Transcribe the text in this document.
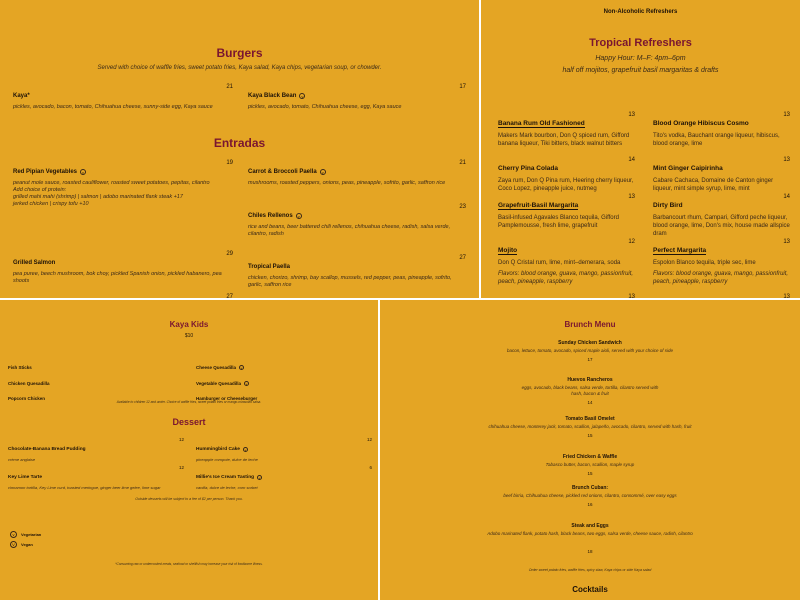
Burgers
Served with choice of waffle fries, sweet potato fries, Kaya salad, Kaya chips, vegetarian soup, or chowder.
Kaya*
21
pickles, avocado, bacon, tomato, Chihuahua cheese, sunny-side egg, Kaya sauce
Kaya Black Bean	v
17
pickles, avocado, tomato, Chihuahua cheese, egg, Kaya sauce
Entradas
Red Pipian Vegetables	v
19
peanut mole sauce, roasted cauliflower, roasted sweet potatoes, pepitas, cilantro
Add choice of protein:
grilled mahi mahi (shrimp) | salmon | adobo marinated flank steak +17
jerked chicken | crispy tofu +10
Carrot & Broccoli Paella	v
21
mushrooms, roasted peppers, onions, peas, pineapple, sofrito, garlic, saffron rice
Chiles Rellenos	v
23
rice and beans, beer battered chili rellenos, chihuahua cheese, radish, salsa verde, cilantro, radish
Grilled Salmon
29
pea puree, beech mushroom, bok choy, pickled Spanish onion, pickled habanero, pea shoots
Tropical Paella
27
chicken, chorizo, shrimp, bay scallop, mussels, red pepper, peas, pineapple, sofrito, garlic, saffron rice
27
Non-Alcoholic Refreshers
Tropical Refreshers
Happy Hour: M–F: 4pm–6pm
half off mojitos, grapefruit basil margaritas & drafts
Banana Rum Old Fashioned
13
Makers Mark bourbon, Don Q spiced rum, Gifford banana liqueur, Tiki bitters, black walnut bitters
Blood Orange Hibiscus Cosmo
13
Tito's vodka, Bauchant orange liqueur, hibiscus, blood orange, lime
Cherry Pina Colada
14
Zaya rum, Don Q Pina rum, Heering cherry liqueur, Coco Lopez, pineapple juice, nutmeg
Mint Ginger Caipirinha
13
Cabare Cachaca, Domaine de Canton ginger liqueur, mint simple syrup, lime, mint
Grapefruit-Basil Margarita
13
Basil-infused Agavales Blanco tequila, Gifford Pamplemousse, fresh lime, grapefruit
Dirty Bird
14
Barbancourt rhum, Campari, Gifford peche liqueur, blood orange, lime, Don's mix, house made allspice dram
Mojito
12
Don Q Cristal rum, lime, mint–demerara, soda
Flavors: blood orange, guava, mango, passionfruit, peach, pineapple, raspberry
Perfect Margarita
13
Espolon Blanco tequila, triple sec, lime
Flavors: blood orange, guava, mango, passionfruit, peach, pineapple, raspberry
13	13
Kaya Kids
$10
Fish Sticks	Cheese Quesadilla	v
Chicken Quesadilla	Vegetable Quesadilla	v
Popcorn Chicken	Hamburger or Cheeseburger
Available to children 12 and under. Choice of waffle fries, sweet potato fries or mango-mirasolito salsa.
Dessert
Chocolate-Banana Bread Pudding
12
crème anglaise
Hummingbird Cake	v
12
pineapple compote, dulce de leche
Key Lime Tarte
12
cinnamon tortilla, Key Lime curd, toasted meringue, ginger beer lime gelee, lime sugar
Millie's Ice Cream Tasting	v
6
vanilla, dulce de leche, corn sorbet
Outside desserts will be subject to a fee of $2 per person. Thank you.
v	Vegetarian
V	Vegan
*Consuming raw or undercooked meats, seafood or shellfish may increase your risk of foodborne illness.
Brunch Menu
Sunday Chicken Sandwich
bacon, lettuce, tomato, avocado, spiced maple aioli, served with your choice of side
17
Huevos Rancheros
eggs, avocado, black beans, salsa verde, tortilla, cilantro served with hash, bacon & fruit
14
Tomato Basil Omelet
chihuahua cheese, monterey jack, tomato, scallion, jalapeño, avocado, cilantro, served with hash, fruit
15
Fried Chicken & Waffle
Tabasco butter, bacon, scallion, maple syrup
15
Brunch Cuban:
beef birria, Chihuahua cheese, pickled red onions, cilantro, consommé, over easy eggs
16
Steak and Eggs
Adobo marinated flank, potato hash, black beans, two eggs, salsa verde, cheese sauce, radish, cilantro
18
Order sweet potato fries, waffle fries, spicy slaw, Kaya chips or side Kaya salad
Cocktails
